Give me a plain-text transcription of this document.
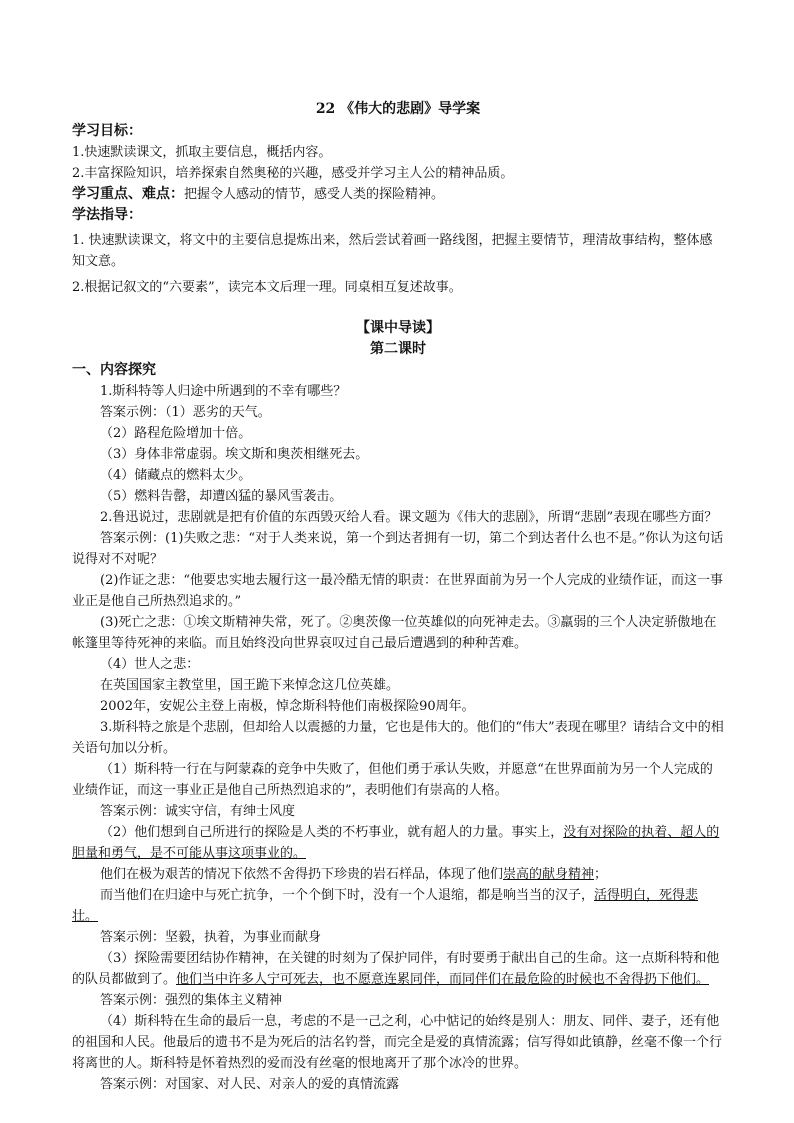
22 《伟大的悲剧》导学案
学习目标：
1.快速默读课文，抓取主要信息，概括内容。
2.丰富探险知识，培养探索自然奥秘的兴趣，感受并学习主人公的精神品质。
学习重点、难点：把握令人感动的情节，感受人类的探险精神。
学法指导：
1. 快速默读课文，将文中的主要信息提炼出来，然后尝试着画一路线图，把握主要情节，理清故事结构，整体感知文意。
2.根据记叙文的“六要素”，读完本文后理一理。同桌相互复述故事。
【课中导读】
第二课时
一、内容探究
1.斯科特等人归途中所遇到的不幸有哪些？
答案示例：（1）恶劣的天气。
（2）路程危险增加十倍。
（3）身体非常虚弱。埃文斯和奥茨相继死去。
（4）储藏点的燃料太少。
（5）燃料告罄，却遭凶猛的暴风雪袭击。
2.鲁迅说过，悲剧就是把有价值的东西毁灭给人看。课文题为《伟大的悲剧》，所谓“悲剧”表现在哪些方面？
答案示例：(1)失败之悲：“对于人类来说，第一个到达者拥有一切，第二个到达者什么也不是。”你认为这句话说得对不对呢？
(2)作证之悲：“他要忠实地去履行这一最冷酷无情的职责：在世界面前为另一个人完成的业绩作证，而这一事业正是他自己所热烈追求的。”
(3)死亡之悲：①埃文斯精神失常，死了。②奥茨像一位英雄似的向死神走去。③羸弱的三个人决定骄傲地在帐篷里等待死神的来临。而且始终没向世界哀叹过自己最后遭遇到的种种苦难。
（4）世人之悲：
在英国国家主教堂里，国王跪下来悼念这几位英雄。
2002年，安妮公主登上南极，悼念斯科特他们南极探险90周年。
3.斯科特之旅是个悲剧，但却给人以震撼的力量，它也是伟大的。他们的“伟大”表现在哪里？请结合文中的相关语句加以分析。
（1）斯科特一行在与阿蒙森的竞争中失败了，但他们勇于承认失败，并愿意“在世界面前为另一个人完成的业绩作证，而这一事业正是他自己所热烈追求的”，表明他们有崇高的人格。
答案示例：诚实守信，有绅士风度
（2）他们想到自己所进行的探险是人类的不朽事业，就有超人的力量。事实上，没有对探险的执着、超人的胆量和勇气，是不可能从事这项事业的。
他们在极为艰苦的情况下依然不舍得扔下珍贵的岩石样品，体现了他们崇高的献身精神；
而当他们在归途中与死亡抗争，一个个倒下时，没有一个人退缩，都是响当当的汉子，活得明白，死得悲壮。
答案示例：坚毅，执着，为事业而献身
（3）探险需要团结协作精神，在关键的时刻为了保护同伴，有时要勇于献出自己的生命。这一点斯科特和他的队员都做到了。他们当中许多人宁可死去，也不愿意连累同伴，而同伴们在最危险的时候也不舍得扔下他们。
答案示例：强烈的集体主义精神
（4）斯科特在生命的最后一息，考虑的不是一己之利，心中惦记的始终是别人：朋友、同伴、妻子，还有他的祖国和人民。他最后的遗书不是为死后的沽名钓誉，而完全是爱的真情流露；信写得如此镇静，丝毫不像一个行将离世的人。斯科特是怀着热烈的爱而没有丝毫的恨地离开了那个冰冷的世界。
答案示例：对国家、对人民、对亲人的爱的真情流露
